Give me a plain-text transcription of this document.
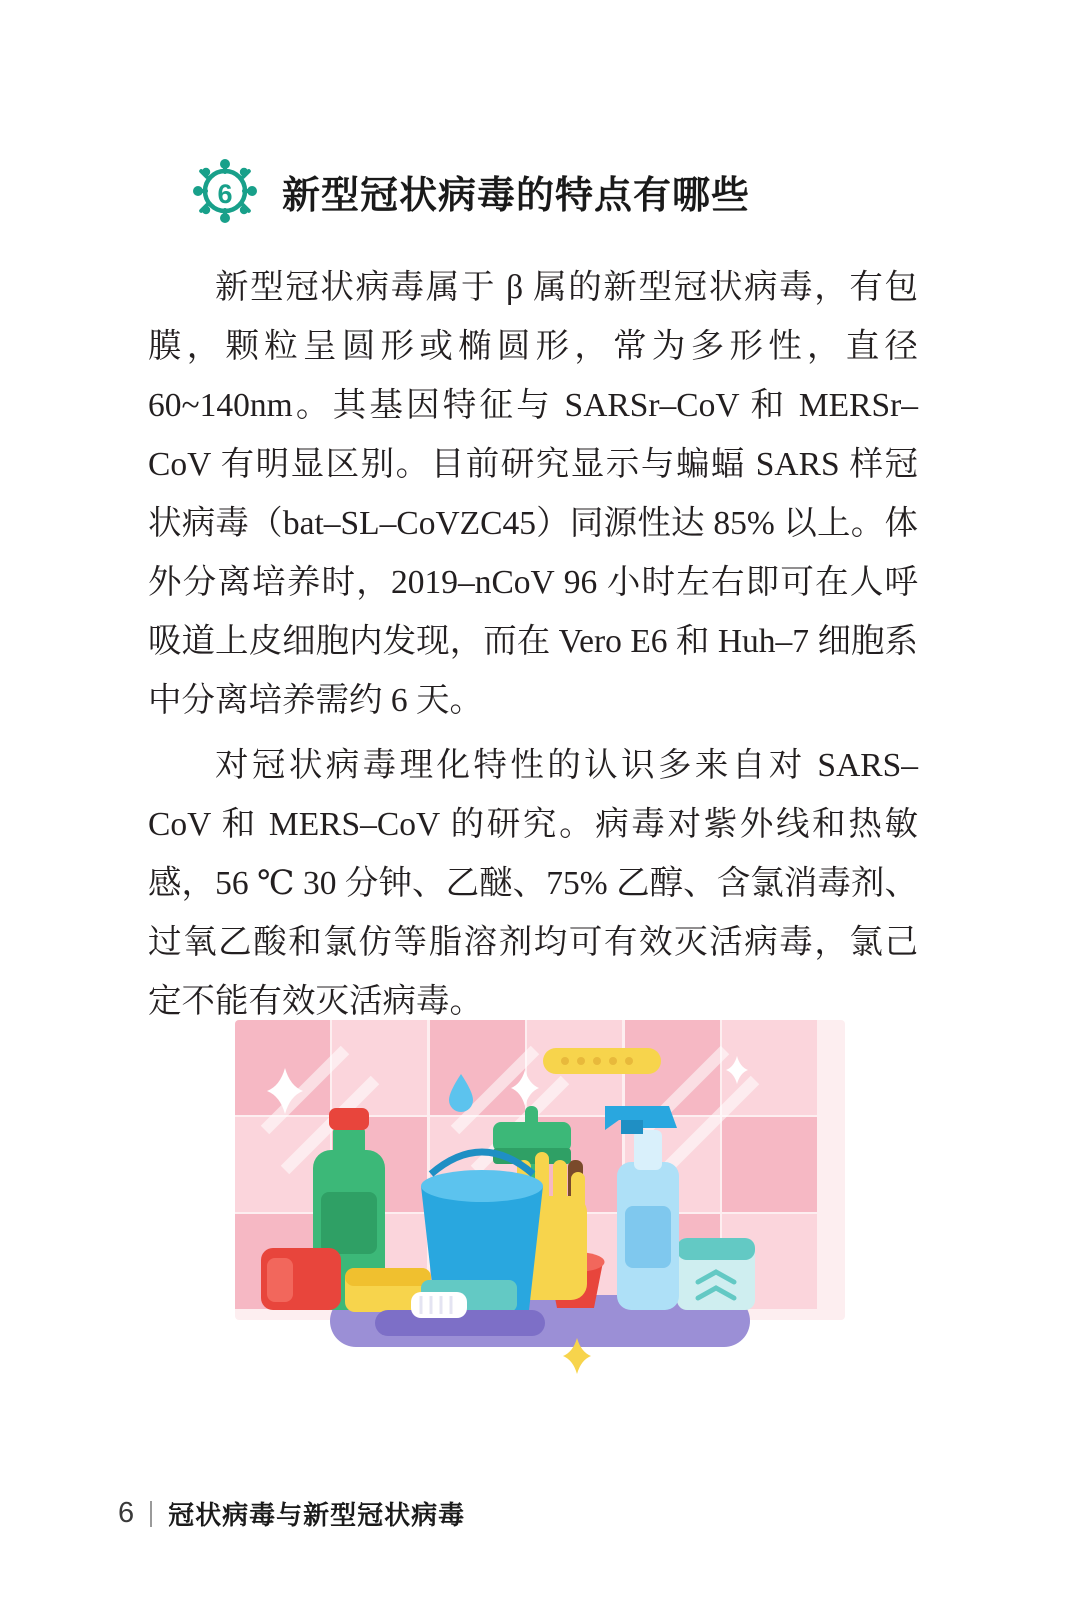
6 新型冠状病毒的特点有哪些

新型冠状病毒属于 β 属的新型冠状病毒，有包膜，颗粒呈圆形或椭圆形，常为多形性，直径 60~140nm。其基因特征与 SARSr–CoV 和 MERSr–CoV 有明显区别。目前研究显示与蝙蝠 SARS 样冠状病毒（bat–SL–CoVZC45）同源性达 85% 以上。体外分离培养时，2019–nCoV 96 小时左右即可在人呼吸道上皮细胞内发现，而在 Vero E6 和 Huh–7 细胞系中分离培养需约 6 天。

对冠状病毒理化特性的认识多来自对 SARS–CoV 和 MERS–CoV 的研究。病毒对紫外线和热敏感，56 ℃ 30 分钟、乙醚、75% 乙醇、含氯消毒剂、过氧乙酸和氯仿等脂溶剂均可有效灭活病毒，氯己定不能有效灭活病毒。

6 冠状病毒与新型冠状病毒
